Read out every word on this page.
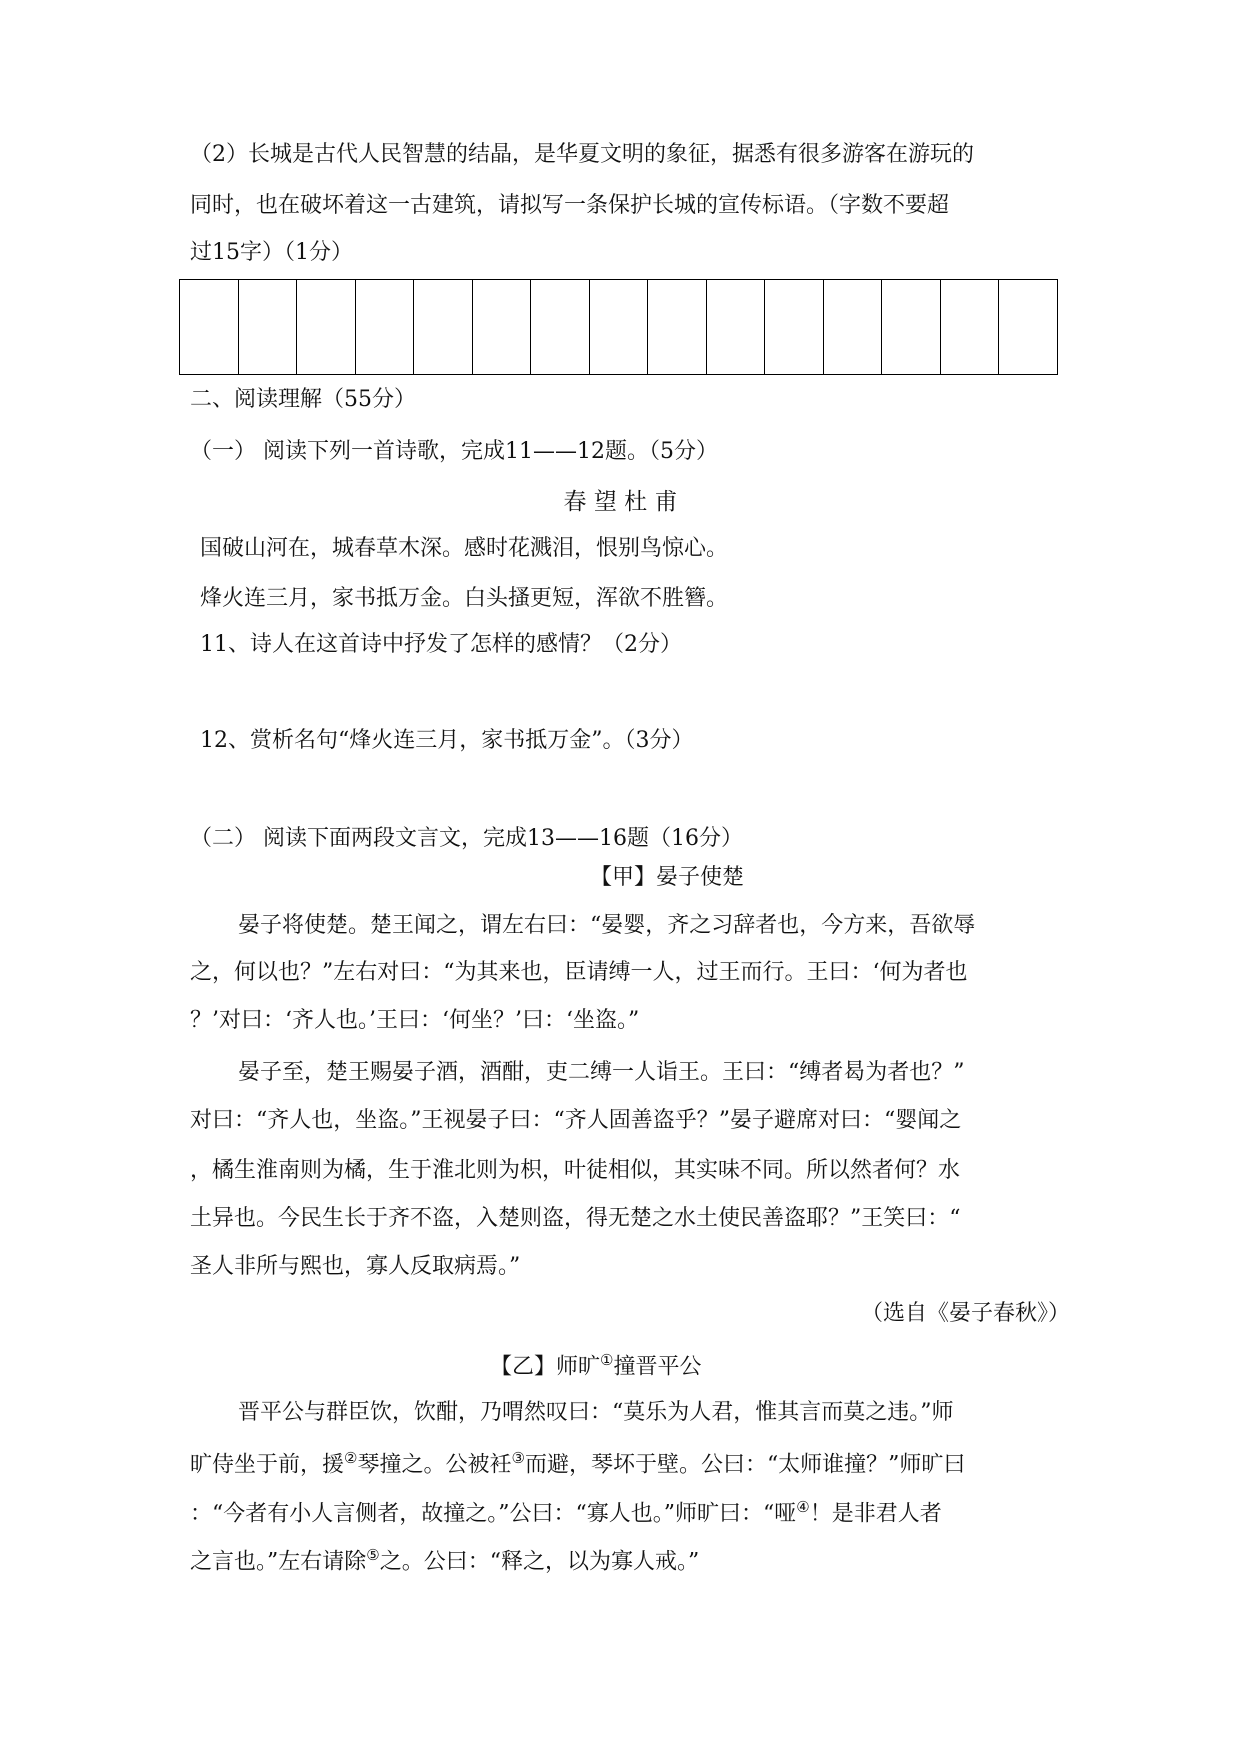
（2）长城是古代人民智慧的结晶，是华夏文明的象征，据悉有很多游客在游玩的
同时，也在破坏着这一古建筑，请拟写一条保护长城的宣传标语。（字数不要超
过15字）（1分）
二、阅读理解（55分）
（一） 阅读下列一首诗歌，完成11——12题。（5分）
春 望 杜 甫
国破山河在，城春草木深。感时花溅泪，恨别鸟惊心。
烽火连三月，家书抵万金。白头搔更短，浑欲不胜簪。
11、诗人在这首诗中抒发了怎样的感情？（2分）
12、赏析名句“烽火连三月，家书抵万金”。（3分）
（二） 阅读下面两段文言文，完成13——16题（16分）
【甲】晏子使楚
晏子将使楚。楚王闻之，谓左右曰：“晏婴，齐之习辞者也，今方来，吾欲辱
之，何以也？”左右对曰：“为其来也，臣请缚一人，过王而行。王曰：‘何为者也
？’对曰：‘齐人也。’王曰：‘何坐？’曰：‘坐盗。”
晏子至，楚王赐晏子酒，酒酣，吏二缚一人诣王。王曰：“缚者曷为者也？”
对曰：“齐人也，坐盗。”王视晏子曰：“齐人固善盗乎？”晏子避席对曰：“婴闻之
，橘生淮南则为橘，生于淮北则为枳，叶徒相似，其实味不同。所以然者何？水
土异也。今民生长于齐不盗，入楚则盗，得无楚之水土使民善盗耶？”王笑曰：“
圣人非所与熙也，寡人反取病焉。”
（选自《晏子春秋》）
【乙】师旷①撞晋平公
晋平公与群臣饮，饮酣，乃喟然叹曰：“莫乐为人君，惟其言而莫之违。”师
旷侍坐于前，援②琴撞之。公被衽③而避，琴坏于壁。公曰：“太师谁撞？”师旷曰
：“今者有小人言侧者，故撞之。”公曰：“寡人也。”师旷曰：“哑④！是非君人者
之言也。”左右请除⑤之。公曰：“释之，以为寡人戒。”
